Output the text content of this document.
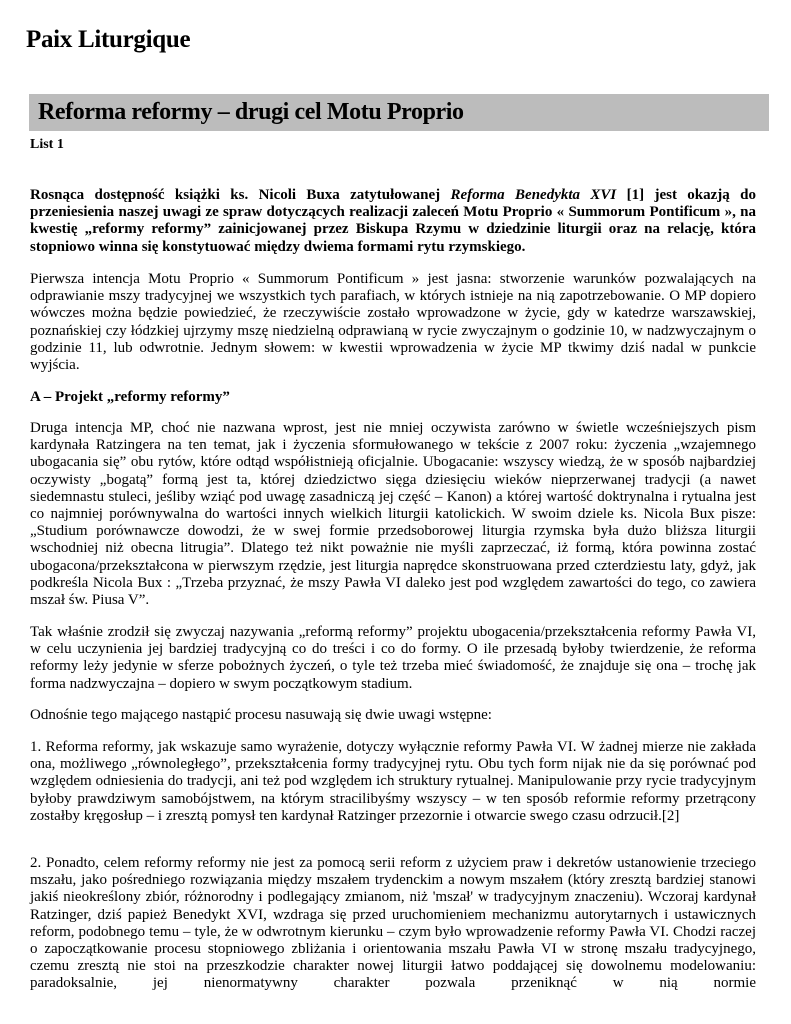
Paix Liturgique
Reforma reformy – drugi cel Motu Proprio
List 1

Rosnąca dostępność książki ks. Nicoli Buxa zatytułowanej Reforma Benedykta XVI [1] jest okazją do przeniesienia naszej uwagi ze spraw dotyczących realizacji zaleceń Motu Proprio « Summorum Pontificum », na kwestię „reformy reformy” zainicjowanej przez Biskupa Rzymu w dziedzinie liturgii oraz na relację, która stopniowo winna się konstytuować między dwiema formami rytu rzymskiego.

Pierwsza intencja Motu Proprio « Summorum Pontificum » jest jasna: stworzenie warunków pozwalających na odprawianie mszy tradycyjnej we wszystkich tych parafiach, w których istnieje na nią zapotrzebowanie. O MP dopiero wówczes można będzie powiedzieć, że rzeczywiście zostało wprowadzone w życie, gdy w katedrze warszawskiej, poznańskiej czy łódzkiej ujrzymy mszę niedzielną odprawianą w rycie zwyczajnym o godzinie 10, w nadzwyczajnym o godzinie 11, lub odwrotnie. Jednym słowem: w kwestii wprowadzenia w życie MP tkwimy dziś nadal w punkcie wyjścia.

A – Projekt „reformy reformy”

Druga intencja MP, choć nie nazwana wprost, jest nie mniej oczywista zarówno w świetle wcześniejszych pism kardynała Ratzingera na ten temat, jak i życzenia sformułowanego w tekście z 2007 roku: życzenia „wzajemnego ubogacania się” obu rytów, które odtąd współistnieją oficjalnie. Ubogacanie: wszyscy wiedzą, że w sposób najbardziej oczywisty „bogatą” formą jest ta, której dziedzictwo sięga dziesięciu wieków nieprzerwanej tradycji (a nawet siedemnastu stuleci, jeśliby wziąć pod uwagę zasadniczą jej część – Kanon) a której wartość doktrynalna i rytualna jest co najmniej porównywalna do wartości innych wielkich liturgii katolickich. W swoim dziele ks. Nicola Bux pisze: „Studium porównawcze dowodzi, że w swej formie przedsoborowej liturgia rzymska była dużo bliższa liturgii wschodniej niż obecna litrugia”. Dlatego też nikt poważnie nie myśli zaprzeczać, iż formą, która powinna zostać ubogacona/przekształcona w pierwszym rzędzie, jest liturgia naprędce skonstruowana przed czterdziestu laty, gdyż, jak podkreśla Nicola Bux : „Trzeba przyznać, że mszy Pawła VI daleko jest pod względem zawartości do tego, co zawiera mszał św. Piusa V”.

Tak właśnie zrodził się zwyczaj nazywania „reformą reformy” projektu ubogacenia/przekształcenia reformy Pawła VI, w celu uczynienia jej bardziej tradycyjną co do treści i co do formy. O ile przesadą byłoby twierdzenie, że reforma reformy leży jedynie w sferze pobożnych życzeń, o tyle też trzeba mieć świadomość, że znajduje się ona – trochę jak forma nadzwyczajna – dopiero w swym początkowym stadium.

Odnośnie tego mającego nastąpić procesu nasuwają się dwie uwagi wstępne:

1. Reforma reformy, jak wskazuje samo wyrażenie, dotyczy wyłącznie reformy Pawła VI. W żadnej mierze nie zakłada ona, możliwego „równoległego”, przekształcenia formy tradycyjnej rytu. Obu tych form nijak nie da się porównać pod względem odniesienia do tradycji, ani też pod względem ich struktury rytualnej. Manipulowanie przy rycie tradycyjnym byłoby prawdziwym samobójstwem, na którym stracilibyśmy wszyscy – w ten sposób reformie reformy przetrącony zostałby kręgosłup – i zresztą pomysł ten kardynał Ratzinger przezornie i otwarcie swego czasu odrzucił.[2]

2. Ponadto, celem reformy reformy nie jest za pomocą serii reform z użyciem praw i dekretów ustanowienie trzeciego mszału, jako pośredniego rozwiązania między mszałem trydenckim a nowym mszałem (który zresztą bardziej stanowi jakiś nieokreślony zbiór, różnorodny i podlegający zmianom, niż 'mszał' w tradycyjnym znaczeniu). Wczoraj kardynał Ratzinger, dziś papież Benedykt XVI, wzdraga się przed uruchomieniem mechanizmu autorytarnych i ustawicznych reform, podobnego temu – tyle, że w odwrotnym kierunku – czym było wprowadzenie reformy Pawła VI. Chodzi raczej o zapoczątkowanie procesu stopniowego zbliżania i orientowania mszału Pawła VI w stronę mszału tradycyjnego, czemu zresztą nie stoi na przeszkodzie charakter nowej liturgii łatwo poddającej się dowolnemu modelowaniu: paradoksalnie, jej nienormatywny charakter pozwala przeniknąć w nią normie
